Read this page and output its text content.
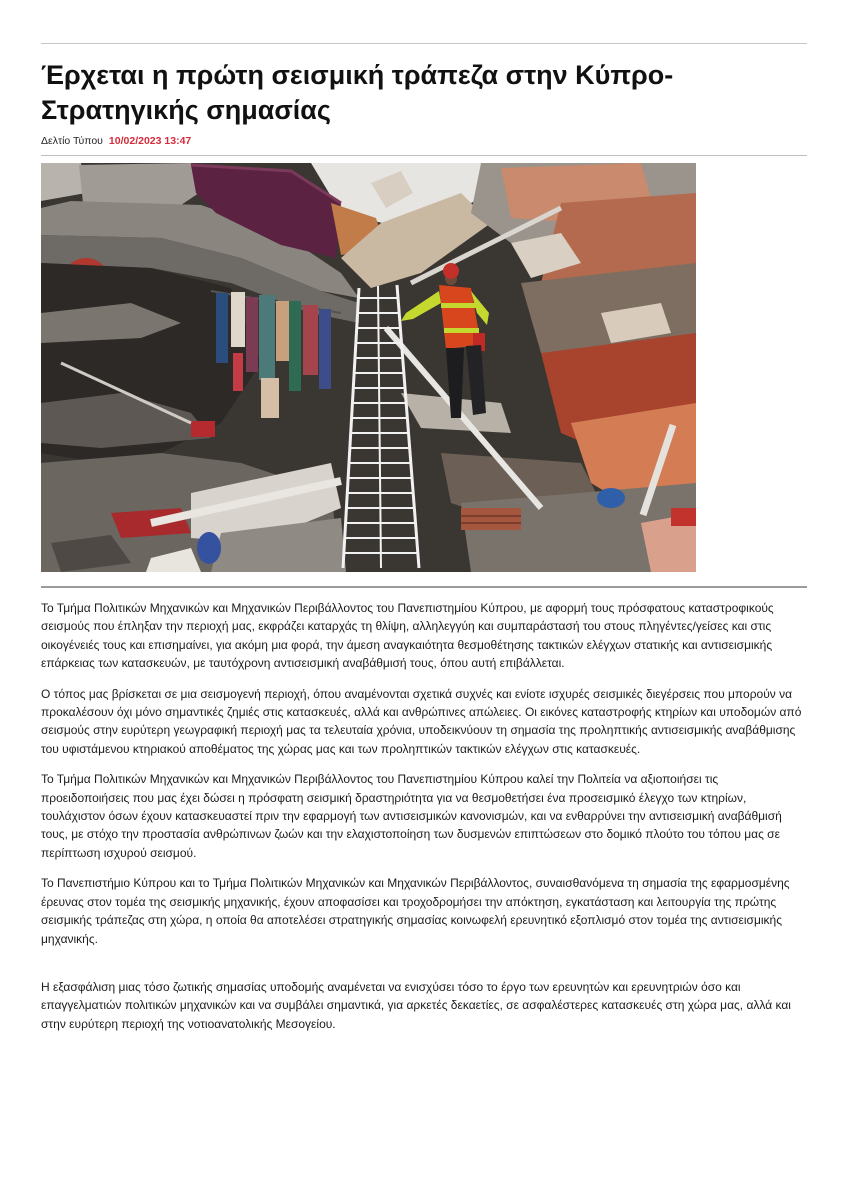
Έρχεται η πρώτη σεισμική τράπεζα στην Κύπρο-Στρατηγικής σημασίας
Δελτίο Τύπου 10/02/2023 13:47

Το Τμήμα Πολιτικών Μηχανικών και Μηχανικών Περιβάλλοντος του Πανεπιστημίου Κύπρου, με αφορμή τους πρόσφατους καταστροφικούς σεισμούς που έπληξαν την περιοχή μας, εκφράζει καταρχάς τη θλίψη, αλληλεγγύη και συμπαράστασή του στους πληγέντες/γείσες και στις οικογένειές τους και επισημαίνει, για ακόμη μια φορά, την άμεση αναγκαιότητα θεσμοθέτησης τακτικών ελέγχων στατικής και αντισεισμικής επάρκειας των κατασκευών, με ταυτόχρονη αντισεισμική αναβάθμισή τους, όπου αυτή επιβάλλεται.

Ο τόπος μας βρίσκεται σε μια σεισμογενή περιοχή, όπου αναμένονται σχετικά συχνές και ενίοτε ισχυρές σεισμικές διεγέρσεις που μπορούν να προκαλέσουν όχι μόνο σημαντικές ζημιές στις κατασκευές, αλλά και ανθρώπινες απώλειες. Οι εικόνες καταστροφής κτηρίων και υποδομών από σεισμούς στην ευρύτερη γεωγραφική περιοχή μας τα τελευταία χρόνια, υποδεικνύουν τη σημασία της προληπτικής αντισεισμικής αναβάθμισης του υφιστάμενου κτηριακού αποθέματος της χώρας μας και των προληπτικών τακτικών ελέγχων στις κατασκευές.

Το Τμήμα Πολιτικών Μηχανικών και Μηχανικών Περιβάλλοντος του Πανεπιστημίου Κύπρου καλεί την Πολιτεία να αξιοποιήσει τις προειδοποιήσεις που μας έχει δώσει η πρόσφατη σεισμική δραστηριότητα για να θεσμοθετήσει ένα προσεισμικό έλεγχο των κτηρίων, τουλάχιστον όσων έχουν κατασκευαστεί πριν την εφαρμογή των αντισεισμικών κανονισμών, και να ενθαρρύνει την αντισεισμική αναβάθμισή τους, με στόχο την προστασία ανθρώπινων ζωών και την ελαχιστοποίηση των δυσμενών επιπτώσεων στο δομικό πλούτο του τόπου μας σε περίπτωση ισχυρού σεισμού.

Το Πανεπιστήμιο Κύπρου και το Τμήμα Πολιτικών Μηχανικών και Μηχανικών Περιβάλλοντος, συναισθανόμενα τη σημασία της εφαρμοσμένης έρευνας στον τομέα της σεισμικής μηχανικής, έχουν αποφασίσει και τροχοδρομήσει την απόκτηση, εγκατάσταση και λειτουργία της πρώτης σεισμικής τράπεζας στη χώρα, η οποία θα αποτελέσει στρατηγικής σημασίας κοινωφελή ερευνητικό εξοπλισμό στον τομέα της αντισεισμικής μηχανικής.

Η εξασφάλιση μιας τόσο ζωτικής σημασίας υποδομής αναμένεται να ενισχύσει τόσο το έργο των ερευνητών και ερευνητριών όσο και επαγγελματιών πολιτικών μηχανικών και να συμβάλει σημαντικά, για αρκετές δεκαετίες, σε ασφαλέστερες κατασκευές στη χώρα μας, αλλά και στην ευρύτερη περιοχή της νοτιοανατολικής Μεσογείου.
